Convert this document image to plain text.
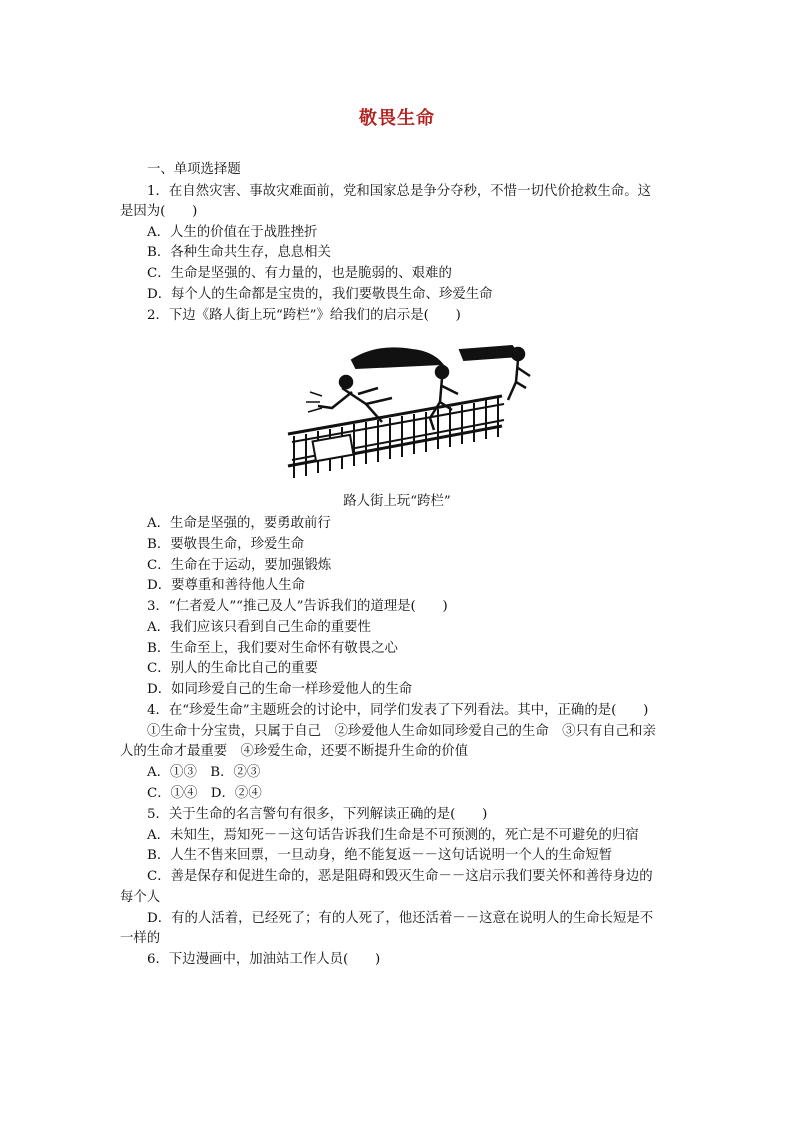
敬畏生命
一、单项选择题
1．在自然灾害、事故灾难面前，党和国家总是争分夺秒，不惜一切代价抢救生命。这
是因为(　　)
A．人生的价值在于战胜挫折
B．各种生命共生存，息息相关
C．生命是坚强的、有力量的，也是脆弱的、艰难的
D．每个人的生命都是宝贵的，我们要敬畏生命、珍爱生命
2．下边《路人街上玩“跨栏”》给我们的启示是(　　)
路人街上玩“跨栏”
A．生命是坚强的，要勇敢前行
B．要敬畏生命，珍爱生命
C．生命在于运动，要加强锻炼
D．要尊重和善待他人生命
3．“仁者爱人”“推己及人”告诉我们的道理是(　　)
A．我们应该只看到自己生命的重要性
B．生命至上，我们要对生命怀有敬畏之心
C．别人的生命比自己的重要
D．如同珍爱自己的生命一样珍爱他人的生命
4．在“珍爱生命”主题班会的讨论中，同学们发表了下列看法。其中，正确的是(　　)
①生命十分宝贵，只属于自己　②珍爱他人生命如同珍爱自己的生命　③只有自己和亲
人的生命才最重要　④珍爱生命，还要不断提升生命的价值
A．①③　B．②③
C．①④　D．②④
5．关于生命的名言警句有很多，下列解读正确的是(　　)
A．未知生，焉知死－－这句话告诉我们生命是不可预测的，死亡是不可避免的归宿
B．人生不售来回票，一旦动身，绝不能复返－－这句话说明一个人的生命短暂
C．善是保存和促进生命的，恶是阻碍和毁灭生命－－这启示我们要关怀和善待身边的
每个人
D．有的人活着，已经死了；有的人死了，他还活着－－这意在说明人的生命长短是不
一样的
6．下边漫画中，加油站工作人员(　　)
